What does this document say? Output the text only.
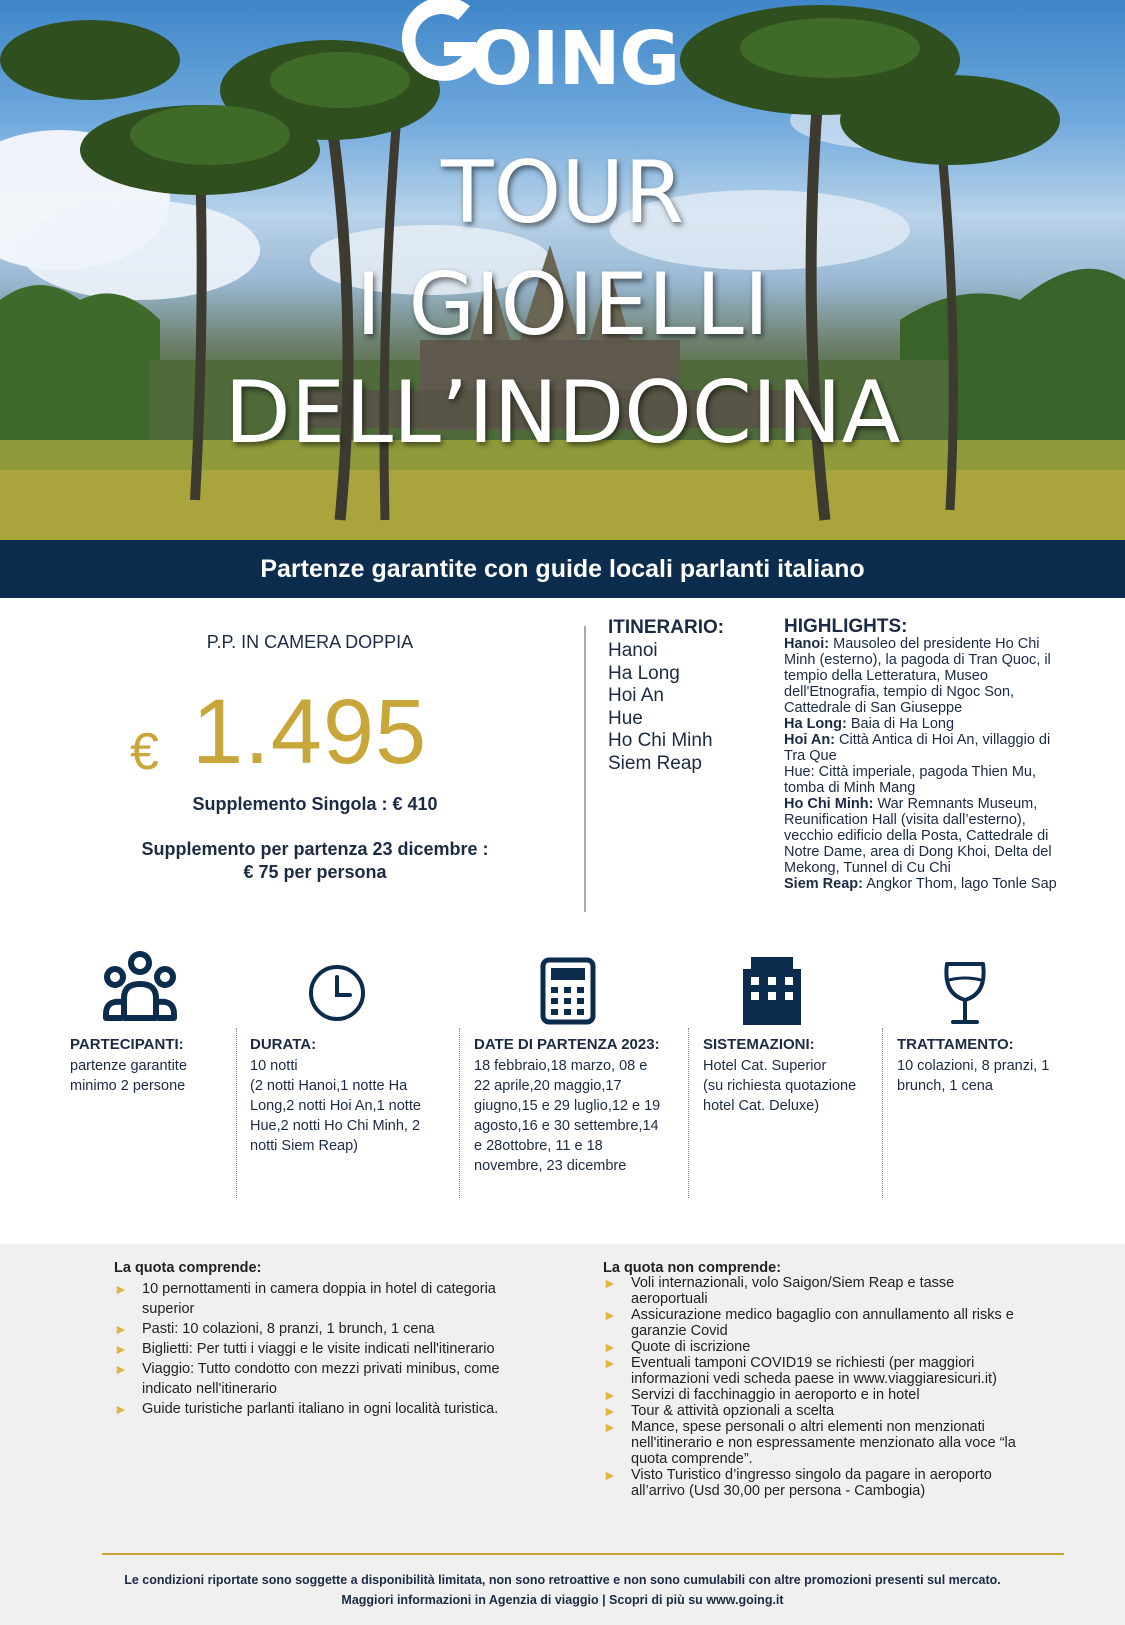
OING
TOUR
I GIOIELLI
DELL’INDOCINA
Partenze garantite con guide locali parlanti italiano
P.P. IN CAMERA DOPPIA
€ 1.495
Supplemento Singola : € 410
Supplemento per partenza 23 dicembre :
€ 75 per persona
ITINERARIO:
Hanoi
Ha Long
Hoi An
Hue
Ho Chi Minh
Siem Reap
HIGHLIGHTS:
Hanoi: Mausoleo del presidente Ho Chi
Minh (esterno), la pagoda di Tran Quoc, il
tempio della Letteratura, Museo
dell'Etnografia, tempio di Ngoc Son,
Cattedrale di San Giuseppe
Ha Long: Baia di Ha Long
Hoi An: Città Antica di Hoi An, villaggio di
Tra Que
Hue: Città imperiale, pagoda Thien Mu,
tomba di Minh Mang
Ho Chi Minh: War Remnants Museum,
Reunification Hall (visita dall’esterno),
vecchio edificio della Posta, Cattedrale di
Notre Dame, area di Dong Khoi, Delta del
Mekong, Tunnel di Cu Chi
Siem Reap: Angkor Thom, lago Tonle Sap
PARTECIPANTI:
partenze garantite
minimo 2 persone
DURATA:
10 notti
(2 notti Hanoi,1 notte Ha
Long,2 notti Hoi An,1 notte
Hue,2 notti Ho Chi Minh, 2
notti Siem Reap)
DATE DI PARTENZA 2023:
18 febbraio,18 marzo, 08 e
22 aprile,20 maggio,17
giugno,15 e 29 luglio,12 e 19
agosto,16 e 30 settembre,14
e 28ottobre, 11 e 18
novembre, 23 dicembre
SISTEMAZIONI:
Hotel Cat. Superior
(su richiesta quotazione
hotel Cat. Deluxe)
TRATTAMENTO:
10 colazioni, 8 pranzi, 1
brunch, 1 cena
La quota comprende:
► 10 pernottamenti in camera doppia in hotel di categoria
superior
► Pasti: 10 colazioni, 8 pranzi, 1 brunch, 1 cena
► Biglietti: Per tutti i viaggi e le visite indicati nell'itinerario
► Viaggio: Tutto condotto con mezzi privati minibus, come
indicato nell'itinerario
► Guide turistiche parlanti italiano in ogni località turistica.
La quota non comprende:
► Voli internazionali, volo Saigon/Siem Reap e tasse
aeroportuali
► Assicurazione medico bagaglio con annullamento all risks e
garanzie Covid
► Quote di iscrizione
► Eventuali tamponi COVID19 se richiesti (per maggiori
informazioni vedi scheda paese in www.viaggiaresicuri.it)
► Servizi di facchinaggio in aeroporto e in hotel
► Tour & attività opzionali a scelta
► Mance, spese personali o altri elementi non menzionati
nell'itinerario e non espressamente menzionato alla voce “la
quota comprende”.
► Visto Turistico d’ingresso singolo da pagare in aeroporto
all’arrivo (Usd 30,00 per persona - Cambogia)
Le condizioni riportate sono soggette a disponibilità limitata, non sono retroattive e non sono cumulabili con altre promozioni presenti sul mercato.
Maggiori informazioni in Agenzia di viaggio | Scopri di più su www.going.it
